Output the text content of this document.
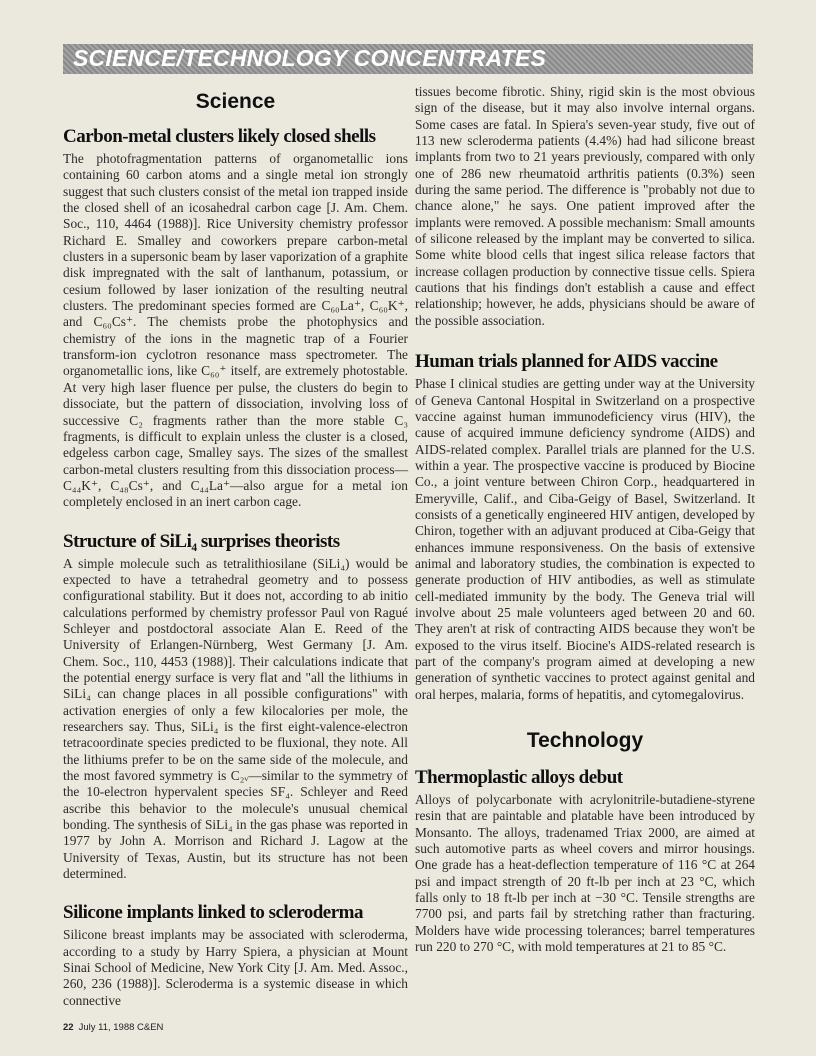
SCIENCE/TECHNOLOGY CONCENTRATES
Science
Carbon-metal clusters likely closed shells

The photofragmentation patterns of organometallic ions containing 60 carbon atoms and a single metal ion strongly suggest that such clusters consist of the metal ion trapped inside the closed shell of an icosahedral carbon cage [J. Am. Chem. Soc., 110, 4464 (1988)]. Rice University chemistry professor Richard E. Smalley and coworkers prepare carbon-metal clusters in a supersonic beam by laser vaporization of a graphite disk impregnated with the salt of lanthanum, potassium, or cesium followed by laser ionization of the resulting neutral clusters. The predominant species formed are C₆₀La⁺, C₆₀K⁺, and C₆₀Cs⁺. The chemists probe the photophysics and chemistry of the ions in the magnetic trap of a Fourier transform-ion cyclotron resonance mass spectrometer. The organometallic ions, like C₆₀⁺ itself, are extremely photostable. At very high laser fluence per pulse, the clusters do begin to dissociate, but the pattern of dissociation, involving loss of successive C₂ fragments rather than the more stable C₃ fragments, is difficult to explain unless the cluster is a closed, edgeless carbon cage, Smalley says. The sizes of the smallest carbon-metal clusters resulting from this dissociation process—C₄₄K⁺, C₄₈Cs⁺, and C₄₄La⁺—also argue for a metal ion completely enclosed in an inert carbon cage.

Structure of SiLi₄ surprises theorists

A simple molecule such as tetralithiosilane (SiLi₄) would be expected to have a tetrahedral geometry and to possess configurational stability. But it does not, according to ab initio calculations performed by chemistry professor Paul von Ragué Schleyer and postdoctoral associate Alan E. Reed of the University of Erlangen-Nürnberg, West Germany [J. Am. Chem. Soc., 110, 4453 (1988)]. Their calculations indicate that the potential energy surface is very flat and "all the lithiums in SiLi₄ can change places in all possible configurations" with activation energies of only a few kilocalories per mole, the researchers say. Thus, SiLi₄ is the first eight-valence-electron tetracoordinate species predicted to be fluxional, they note. All the lithiums prefer to be on the same side of the molecule, and the most favored symmetry is C₂ᵥ—similar to the symmetry of the 10-electron hypervalent species SF₄. Schleyer and Reed ascribe this behavior to the molecule's unusual chemical bonding. The synthesis of SiLi₄ in the gas phase was reported in 1977 by John A. Morrison and Richard J. Lagow at the University of Texas, Austin, but its structure has not been determined.

Silicone implants linked to scleroderma

Silicone breast implants may be associated with scleroderma, according to a study by Harry Spiera, a physician at Mount Sinai School of Medicine, New York City [J. Am. Med. Assoc., 260, 236 (1988)]. Scleroderma is a systemic disease in which connective

tissues become fibrotic. Shiny, rigid skin is the most obvious sign of the disease, but it may also involve internal organs. Some cases are fatal. In Spiera's seven-year study, five out of 113 new scleroderma patients (4.4%) had had silicone breast implants from two to 21 years previously, compared with only one of 286 new rheumatoid arthritis patients (0.3%) seen during the same period. The difference is "probably not due to chance alone," he says. One patient improved after the implants were removed. A possible mechanism: Small amounts of silicone released by the implant may be converted to silica. Some white blood cells that ingest silica release factors that increase collagen production by connective tissue cells. Spiera cautions that his findings don't establish a cause and effect relationship; however, he adds, physicians should be aware of the possible association.

Human trials planned for AIDS vaccine

Phase I clinical studies are getting under way at the University of Geneva Cantonal Hospital in Switzerland on a prospective vaccine against human immunodeficiency virus (HIV), the cause of acquired immune deficiency syndrome (AIDS) and AIDS-related complex. Parallel trials are planned for the U.S. within a year. The prospective vaccine is produced by Biocine Co., a joint venture between Chiron Corp., headquartered in Emeryville, Calif., and Ciba-Geigy of Basel, Switzerland. It consists of a genetically engineered HIV antigen, developed by Chiron, together with an adjuvant produced at Ciba-Geigy that enhances immune responsiveness. On the basis of extensive animal and laboratory studies, the combination is expected to generate production of HIV antibodies, as well as stimulate cell-mediated immunity by the body. The Geneva trial will involve about 25 male volunteers aged between 20 and 60. They aren't at risk of contracting AIDS because they won't be exposed to the virus itself. Biocine's AIDS-related research is part of the company's program aimed at developing a new generation of synthetic vaccines to protect against genital and oral herpes, malaria, forms of hepatitis, and cytomegalovirus.

Technology
Thermoplastic alloys debut

Alloys of polycarbonate with acrylonitrile-butadiene-styrene resin that are paintable and platable have been introduced by Monsanto. The alloys, tradenamed Triax 2000, are aimed at such automotive parts as wheel covers and mirror housings. One grade has a heat-deflection temperature of 116 °C at 264 psi and impact strength of 20 ft-lb per inch at 23 °C, which falls only to 18 ft-lb per inch at −30 °C. Tensile strengths are 7700 psi, and parts fail by stretching rather than fracturing. Molders have wide processing tolerances; barrel temperatures run 220 to 270 °C, with mold temperatures at 21 to 85 °C.

22 July 11, 1988 C&EN
